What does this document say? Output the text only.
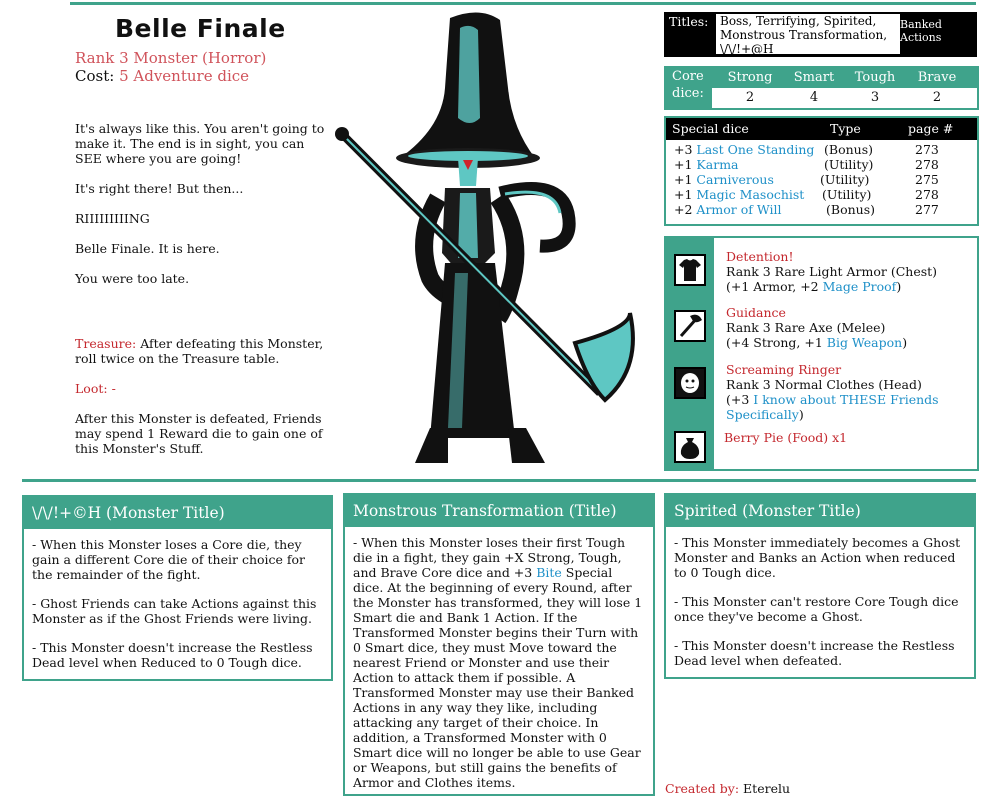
Belle Finale
Rank 3 Monster (Horror)
Cost: 5 Adventure dice

It's always like this. You aren't going to make it. The end is in sight, you can SEE where you are going!

It's right there! But then...

RIIIIIIIIING

Belle Finale. It is here.

You were too late.

Treasure: After defeating this Monster, roll twice on the Treasure table.

Loot: -

After this Monster is defeated, Friends may spend 1 Reward die to gain one of this Monster's Stuff.

Titles: Boss, Terrifying, Spirited, Monstrous Transformation, \/\/!+@H
Banked Actions
Core dice:
Strong	Smart	Tough	Brave
2	4	3	2
Special dice	Type	page #
+3 Last One Standing (Bonus)	273
+1 Karma	(Utility)	278
+1 Carniverous	(Utility)	275
+1 Magic Masochist (Utility)	278
+2 Armor of Will	(Bonus)	277
Detention!
Rank 3 Rare Light Armor (Chest)
(+1 Armor, +2 Mage Proof)
Guidance
Rank 3 Rare Axe (Melee)
(+4 Strong, +1 Big Weapon)
Screaming Ringer
Rank 3 Normal Clothes (Head)
(+3 I know about THESE Friends Specifically)
Berry Pie (Food) x1
\/\/!+©H (Monster Title)
- When this Monster loses a Core die, they gain a different Core die of their choice for the remainder of the fight.
- Ghost Friends can take Actions against this Monster as if the Ghost Friends were living.
- This Monster doesn't increase the Restless Dead level when Reduced to 0 Tough dice.
Monstrous Transformation (Title)
- When this Monster loses their first Tough die in a fight, they gain +X Strong, Tough, and Brave Core dice and +3 Bite Special dice. At the beginning of every Round, after the Monster has transformed, they will lose 1 Smart die and Bank 1 Action. If the Transformed Monster begins their Turn with 0 Smart dice, they must Move toward the nearest Friend or Monster and use their Action to attack them if possible. A Transformed Monster may use their Banked Actions in any way they like, including attacking any target of their choice. In addition, a Transformed Monster with 0 Smart dice will no longer be able to use Gear or Weapons, but still gains the benefits of Armor and Clothes items.
Spirited (Monster Title)
- This Monster immediately becomes a Ghost Monster and Banks an Action when reduced to 0 Tough dice.
- This Monster can't restore Core Tough dice once they've become a Ghost.
- This Monster doesn't increase the Restless Dead level when defeated.
Created by: Eterelu
